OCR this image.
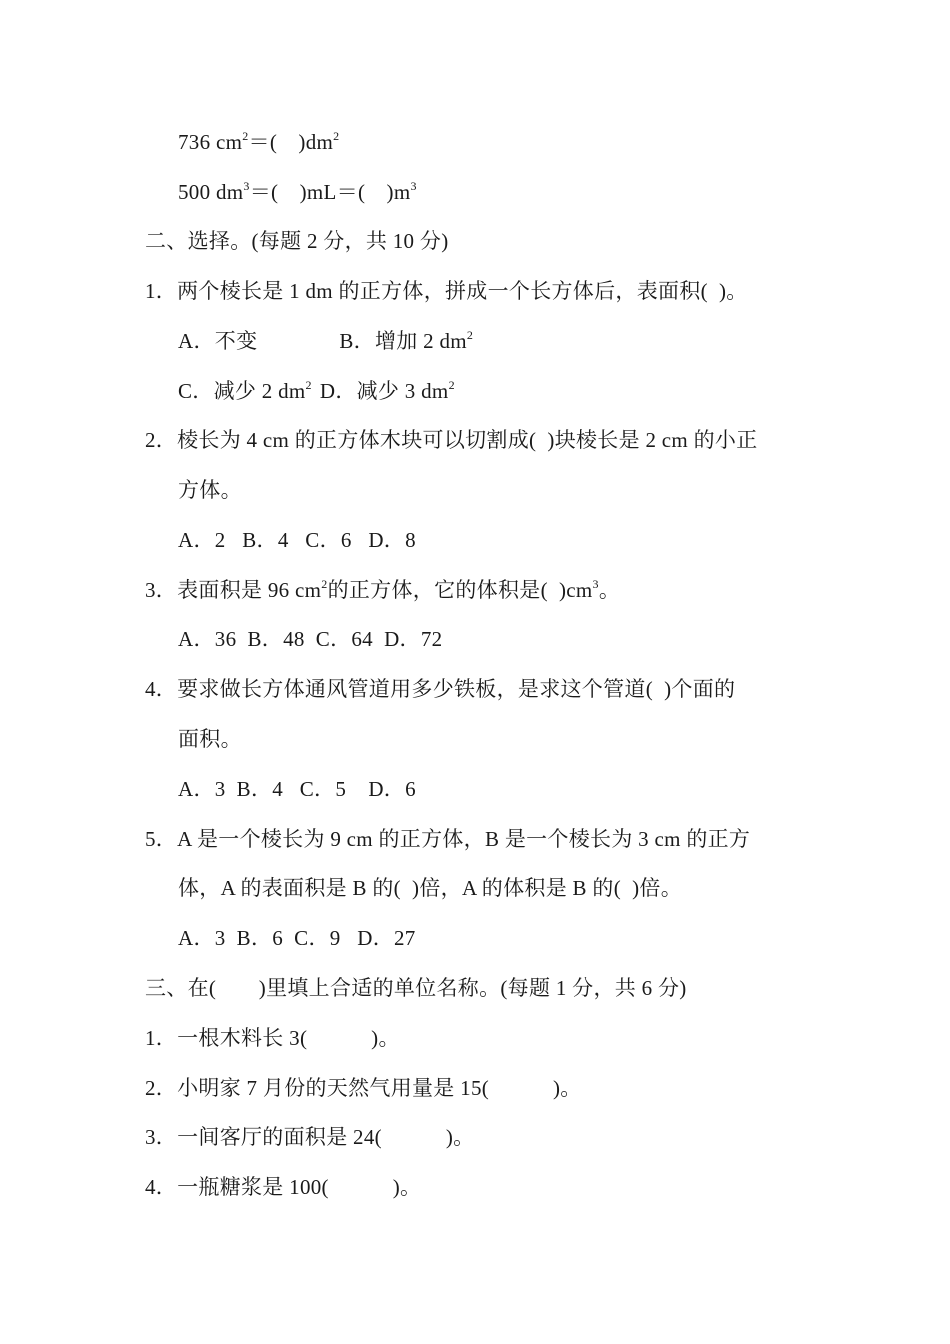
736 $cm^2=$(　)$dm^2$
500 $dm^3=$(　)mL＝(　)$m^3$
二、选择。(每题 2 分，共 10 分)
1．两个棱长是 1 dm 的正方体，拼成一个长方体后，表面积(  )。
A．不变	B．增加 2 $dm^2$
C．减少 2 $dm^2$ D．减少 3 $dm^2$
2．棱长为 4 cm 的正方体木块可以切割成(  )块棱长是 2 cm 的小正
方体。
A．2   B．4   C．6   D．8
3．表面积是 96 $cm^2$的正方体，它的体积是(  )$cm^3$。
A．36  B．48  C．64  D．72
4．要求做长方体通风管道用多少铁板，是求这个管道(  )个面的
面积。
A．3  B．4   C．5    D．6
5．A 是一个棱长为 9 cm 的正方体，B 是一个棱长为 3 cm 的正方
体，A 的表面积是 B 的(  )倍，A 的体积是 B 的(  )倍。
A．3  B．6  C．9   D．27
三、在(　　)里填上合适的单位名称。(每题 1 分，共 6 分)
1．一根木料长 3(　　　)。
2．小明家 7 月份的天然气用量是 15(　　　)。
3．一间客厅的面积是 24(　　　)。
4．一瓶糖浆是 100(　　　)。
